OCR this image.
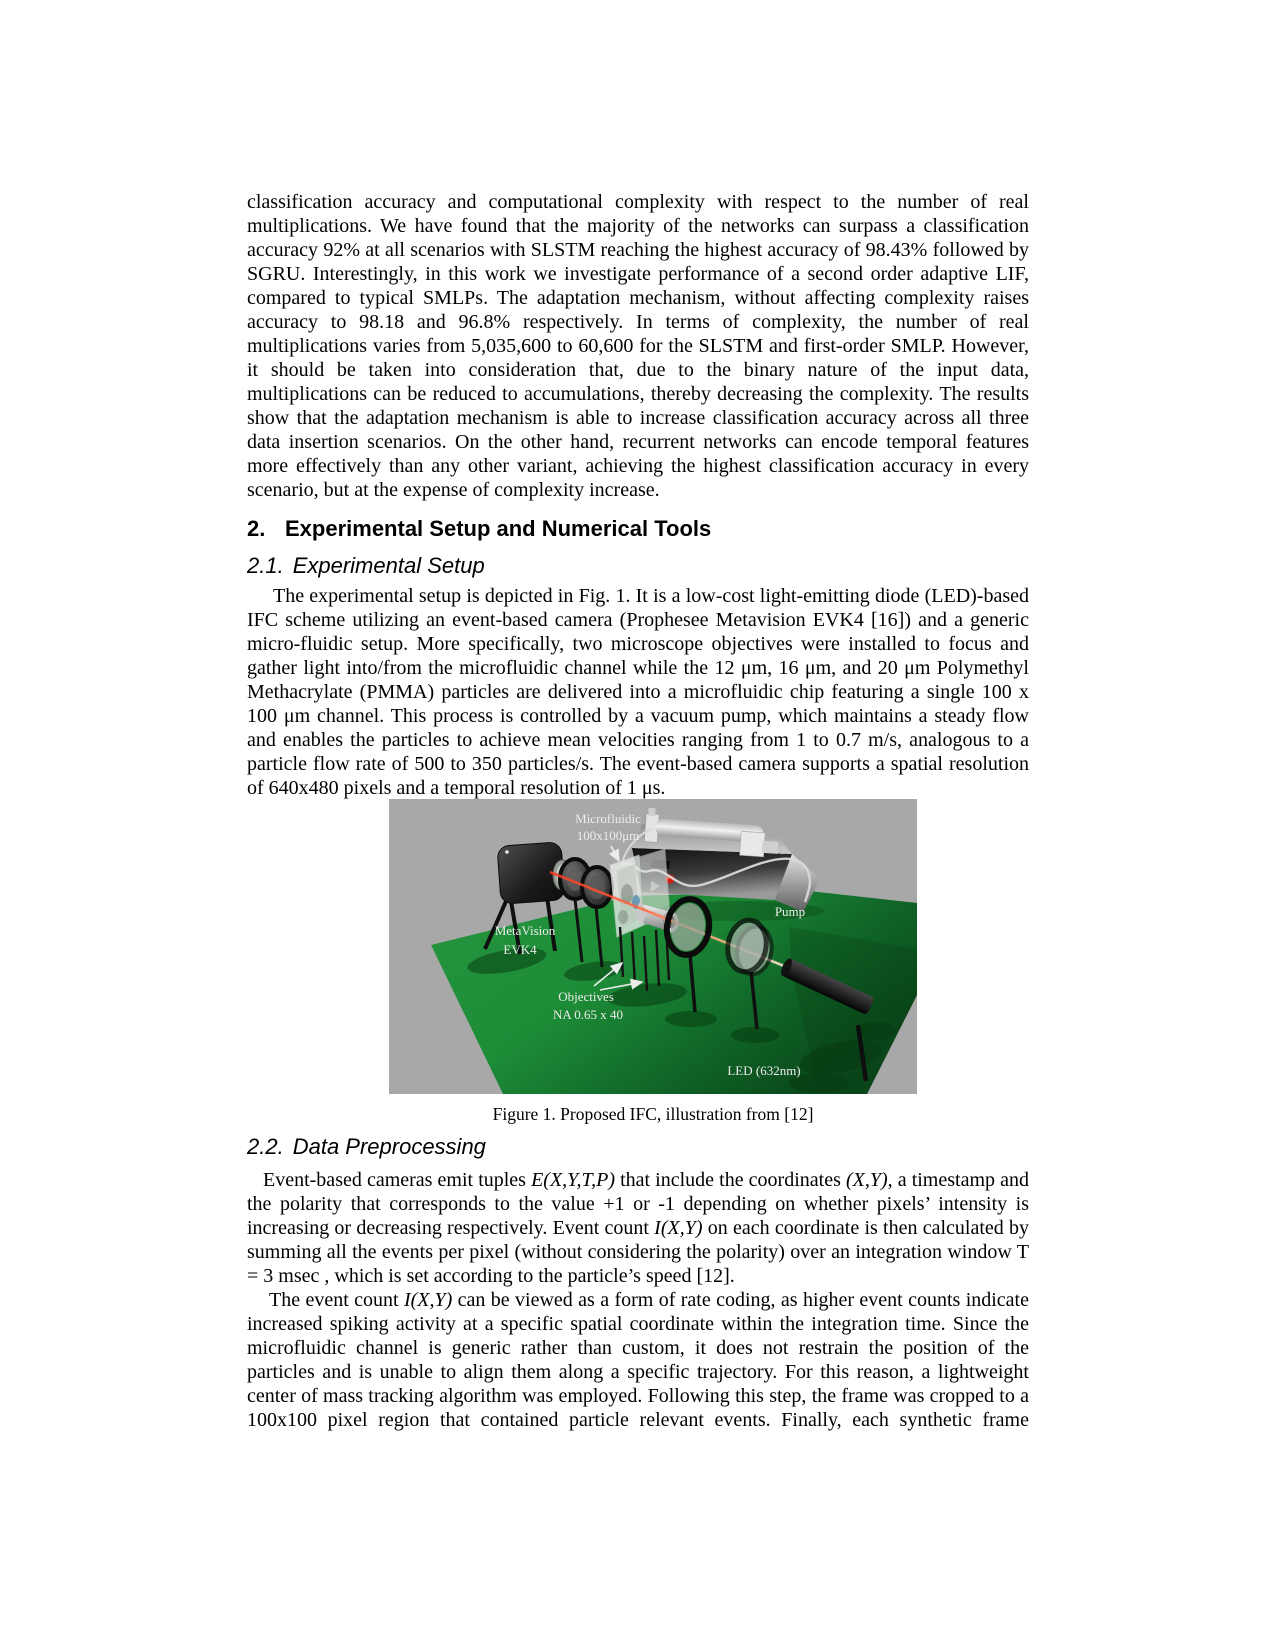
classification accuracy and computational complexity with respect to the number of real multiplications. We have found that the majority of the networks can surpass a classification accuracy 92% at all scenarios with SLSTM reaching the highest accuracy of 98.43% followed by SGRU. Interestingly, in this work we investigate performance of a second order adaptive LIF, compared to typical SMLPs. The adaptation mechanism, without affecting complexity raises accuracy to 98.18 and 96.8% respectively. In terms of complexity, the number of real multiplications varies from 5,035,600 to 60,600 for the SLSTM and first-order SMLP. However, it should be taken into consideration that, due to the binary nature of the input data, multiplications can be reduced to accumulations, thereby decreasing the complexity. The results show that the adaptation mechanism is able to increase classification accuracy across all three data insertion scenarios. On the other hand, recurrent networks can encode temporal features more effectively than any other variant, achieving the highest classification accuracy in every scenario, but at the expense of complexity increase.

2. Experimental Setup and Numerical Tools
2.1. Experimental Setup

The experimental setup is depicted in Fig. 1. It is a low-cost light-emitting diode (LED)-based IFC scheme utilizing an event-based camera (Prophesee Metavision EVK4 [16]) and a generic micro-fluidic setup. More specifically, two microscope objectives were installed to focus and gather light into/from the microfluidic channel while the 12 μm, 16 μm, and 20 μm Polymethyl Methacrylate (PMMA) particles are delivered into a microfluidic chip featuring a single 100 x 100 μm channel. This process is controlled by a vacuum pump, which maintains a steady flow and enables the particles to achieve mean velocities ranging from 1 to 0.7 m/s, analogous to a particle flow rate of 500 to 350 particles/s. The event-based camera supports a spatial resolution of 640x480 pixels and a temporal resolution of 1 μs.

Microfluidic
100x100μm
MetaVision
EVK4
Pump
Objectives
NA 0.65 x 40
LED (632nm)
Figure 1. Proposed IFC, illustration from [12]
2.2. Data Preprocessing

Event-based cameras emit tuples E(X,Y,T,P) that include the coordinates (X,Y), a timestamp and the polarity that corresponds to the value +1 or -1 depending on whether pixels’ intensity is increasing or decreasing respectively. Event count I(X,Y) on each coordinate is then calculated by summing all the events per pixel (without considering the polarity) over an integration window T = 3 msec , which is set according to the particle’s speed [12].

The event count I(X,Y) can be viewed as a form of rate coding, as higher event counts indicate increased spiking activity at a specific spatial coordinate within the integration time. Since the microfluidic channel is generic rather than custom, it does not restrain the position of the particles and is unable to align them along a specific trajectory. For this reason, a lightweight center of mass tracking algorithm was employed. Following this step, the frame was cropped to a 100x100 pixel region that contained particle relevant events. Finally, each synthetic frame
